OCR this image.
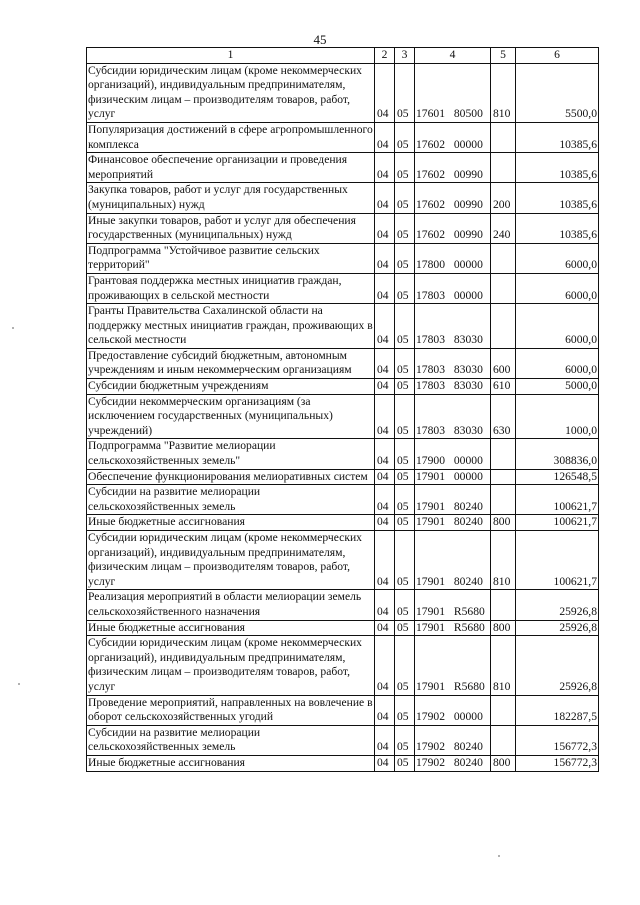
45
1	2	3	4	5	6
Субсидии юридическим лицам (кроме некоммерческих организаций), индивидуальным предпринимателям, физическим лицам – производителям товаров, работ, услуг	04	05	17601 80500	810	5500,0
Популяризация достижений в сфере агропромышленного комплекса	04	05	17602 00000		10385,6
Финансовое обеспечение организации и проведения мероприятий	04	05	17602 00990		10385,6
Закупка товаров, работ и услуг для государственных (муниципальных) нужд	04	05	17602 00990	200	10385,6
Иные закупки товаров, работ и услуг для обеспечения государственных (муниципальных) нужд	04	05	17602 00990	240	10385,6
Подпрограмма "Устойчивое развитие сельских территорий"	04	05	17800 00000		6000,0
Грантовая поддержка местных инициатив граждан, проживающих в сельской местности	04	05	17803 00000		6000,0
Гранты Правительства Сахалинской области на поддержку местных инициатив граждан, проживающих в сельской местности	04	05	17803 83030		6000,0
Предоставление субсидий бюджетным, автономным учреждениям и иным некоммерческим организациям	04	05	17803 83030	600	6000,0
Субсидии бюджетным учреждениям	04	05	17803 83030	610	5000,0
Субсидии некоммерческим организациям (за исключением государственных (муниципальных) учреждений)	04	05	17803 83030	630	1000,0
Подпрограмма "Развитие мелиорации сельскохозяйственных земель"	04	05	17900 00000		308836,0
Обеспечение функционирования мелиоративных систем	04	05	17901 00000		126548,5
Субсидии на развитие мелиорации сельскохозяйственных земель	04	05	17901 80240		100621,7
Иные бюджетные ассигнования	04	05	17901 80240	800	100621,7
Субсидии юридическим лицам (кроме некоммерческих организаций), индивидуальным предпринимателям, физическим лицам – производителям товаров, работ, услуг	04	05	17901 80240	810	100621,7
Реализация мероприятий в области мелиорации земель сельскохозяйственного назначения	04	05	17901 R5680		25926,8
Иные бюджетные ассигнования	04	05	17901 R5680	800	25926,8
Субсидии юридическим лицам (кроме некоммерческих организаций), индивидуальным предпринимателям, физическим лицам – производителям товаров, работ, услуг	04	05	17901 R5680	810	25926,8
Проведение мероприятий, направленных на вовлечение в оборот сельскохозяйственных угодий	04	05	17902 00000		182287,5
Субсидии на развитие мелиорации сельскохозяйственных земель	04	05	17902 80240		156772,3
Иные бюджетные ассигнования	04	05	17902 80240	800	156772,3
